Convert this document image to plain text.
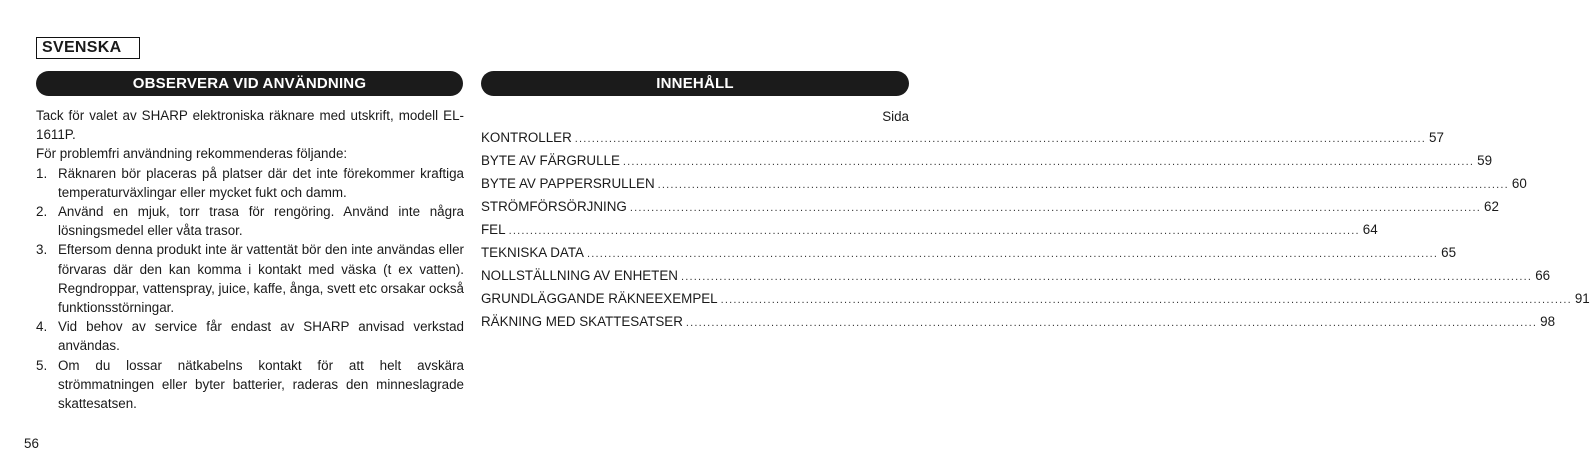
SVENSKA
OBSERVERA VID ANVÄNDNING	INNEHÅLL

Tack för valet av SHARP elektroniska räknare med utskrift, modell EL-1611P.

För problemfri användning rekommenderas följande:

1. Räknaren bör placeras på platser där det inte förekommer kraftiga temperaturväxlingar eller mycket fukt och damm.
2. Använd en mjuk, torr trasa för rengöring. Använd inte några lösningsmedel eller våta trasor.
3. Eftersom denna produkt inte är vattentät bör den inte användas eller förvaras där den kan komma i kontakt med väska (t ex vatten). Regndroppar, vattenspray, juice, kaffe, ånga, svett etc orsakar också funktionsstörningar.
4. Vid behov av service får endast av SHARP anvisad verkstad användas.
5. Om du lossar nätkabelns kontakt för att helt avskära strömmatningen eller byter batterier, raderas den minneslagrade skattesatsen.
Sida
KONTROLLER ........................................................................................................................................................................................................ 57
BYTE AV FÄRGRULLE ........................................................................................................................................................................................................ 59
BYTE AV PAPPERSRULLEN ........................................................................................................................................................................................................ 60
STRÖMFÖRSÖRJNING ........................................................................................................................................................................................................ 62
FEL ........................................................................................................................................................................................................ 64
TEKNISKA DATA ........................................................................................................................................................................................................ 65
NOLLSTÄLLNING AV ENHETEN ........................................................................................................................................................................................................ 66
GRUNDLÄGGANDE RÄKNEEXEMPEL ........................................................................................................................................................................................................ 91
RÄKNING MED SKATTESATSER ........................................................................................................................................................................................................ 98
56
